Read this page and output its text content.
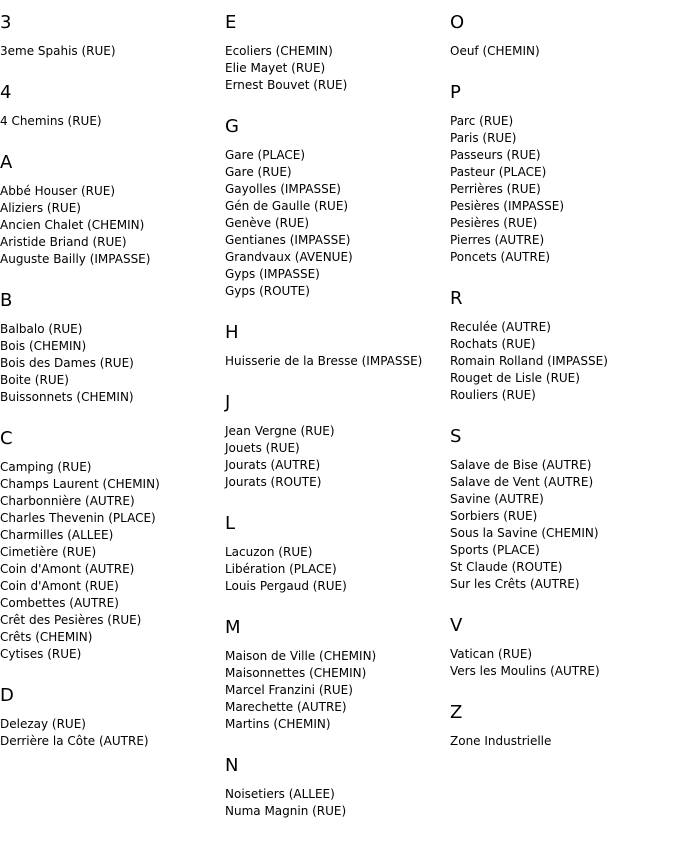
3
3eme Spahis (RUE)
4
4 Chemins (RUE)
A
Abbé Houser (RUE)
Aliziers (RUE)
Ancien Chalet (CHEMIN)
Aristide Briand (RUE)
Auguste Bailly (IMPASSE)
B
Balbalo (RUE)
Bois (CHEMIN)
Bois des Dames (RUE)
Boite (RUE)
Buissonnets (CHEMIN)
C
Camping (RUE)
Champs Laurent (CHEMIN)
Charbonnière (AUTRE)
Charles Thevenin (PLACE)
Charmilles (ALLEE)
Cimetière (RUE)
Coin d'Amont (AUTRE)
Coin d'Amont (RUE)
Combettes (AUTRE)
Crêt des Pesières (RUE)
Crêts (CHEMIN)
Cytises (RUE)
D
Delezay (RUE)
Derrière la Côte (AUTRE)
E
Ecoliers (CHEMIN)
Elie Mayet (RUE)
Ernest Bouvet (RUE)
G
Gare (PLACE)
Gare (RUE)
Gayolles (IMPASSE)
Gén de Gaulle (RUE)
Genève (RUE)
Gentianes (IMPASSE)
Grandvaux (AVENUE)
Gyps (IMPASSE)
Gyps (ROUTE)
H
Huisserie de la Bresse (IMPASSE)
J
Jean Vergne (RUE)
Jouets (RUE)
Jourats (AUTRE)
Jourats (ROUTE)
L
Lacuzon (RUE)
Libération (PLACE)
Louis Pergaud (RUE)
M
Maison de Ville (CHEMIN)
Maisonnettes (CHEMIN)
Marcel Franzini (RUE)
Marechette (AUTRE)
Martins (CHEMIN)
N
Noisetiers (ALLEE)
Numa Magnin (RUE)
O
Oeuf (CHEMIN)
P
Parc (RUE)
Paris (RUE)
Passeurs (RUE)
Pasteur (PLACE)
Perrières (RUE)
Pesières (IMPASSE)
Pesières (RUE)
Pierres (AUTRE)
Poncets (AUTRE)
R
Reculée (AUTRE)
Rochats (RUE)
Romain Rolland (IMPASSE)
Rouget de Lisle (RUE)
Rouliers (RUE)
S
Salave de Bise (AUTRE)
Salave de Vent (AUTRE)
Savine (AUTRE)
Sorbiers (RUE)
Sous la Savine (CHEMIN)
Sports (PLACE)
St Claude (ROUTE)
Sur les Crêts (AUTRE)
V
Vatican (RUE)
Vers les Moulins (AUTRE)
Z
Zone Industrielle
